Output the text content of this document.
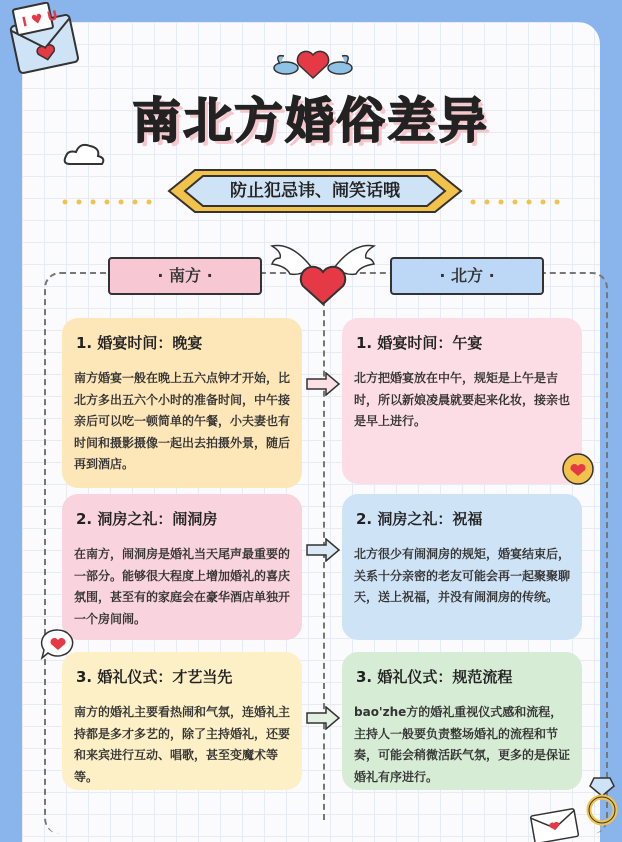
I ♥ U
南北方婚俗差异
防止犯忌讳、闹笑话哦
· 南方 ·	· 北方 ·
1. 婚宴时间：晚宴
南方婚宴一般在晚上五六点钟才开始，比北方多出五六个小时的准备时间，中午接亲后可以吃一顿简单的午餐，小夫妻也有时间和摄影摄像一起出去拍摄外景，随后再到酒店。
2. 洞房之礼：闹洞房
在南方，闹洞房是婚礼当天尾声最重要的一部分。能够很大程度上增加婚礼的喜庆氛围，甚至有的家庭会在豪华酒店单独开一个房间闹。
3. 婚礼仪式：才艺当先
南方的婚礼主要看热闹和气氛，连婚礼主持都是多才多艺的，除了主持婚礼，还要和来宾进行互动、唱歌，甚至变魔术等等。
1. 婚宴时间：午宴
北方把婚宴放在中午，规矩是上午是吉时，所以新娘凌晨就要起来化妆，接亲也是早上进行。
2. 洞房之礼：祝福
北方很少有闹洞房的规矩，婚宴结束后，关系十分亲密的老友可能会再一起聚聚聊天，送上祝福，并没有闹洞房的传统。
3. 婚礼仪式：规范流程
bao'zhe方的婚礼重视仪式感和流程，主持人一般要负责整场婚礼的流程和节奏，可能会稍微活跃气氛，更多的是保证婚礼有序进行。
